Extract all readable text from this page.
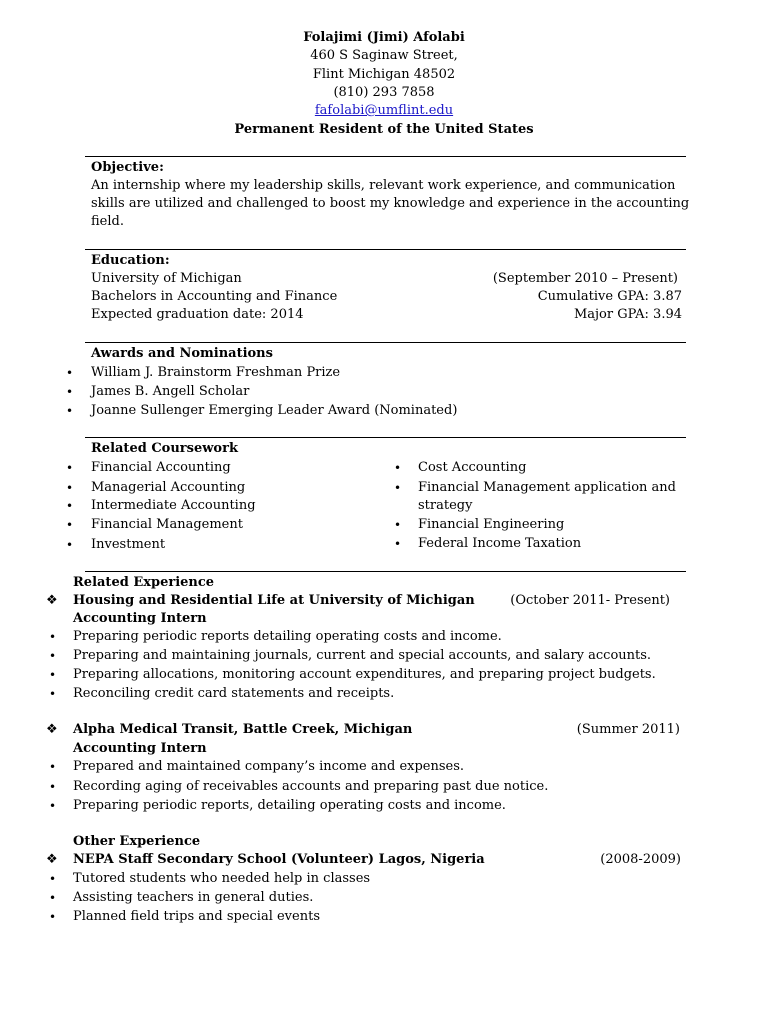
Folajimi (Jimi) Afolabi
460 S Saginaw Street,
Flint Michigan 48502
(810) 293 7858
fafolabi@umflint.edu
Permanent Resident of the United States
Objective:
An internship where my leadership skills, relevant work experience, and communication
skills are utilized and challenged to boost my knowledge and experience in the accounting
field.
Education:
University of Michigan	(September 2010 – Present)
Bachelors in Accounting and Finance	Cumulative GPA: 3.87
Expected graduation date: 2014	Major GPA: 3.94
Awards and Nominations
• William J. Brainstorm Freshman Prize
• James B. Angell Scholar
• Joanne Sullenger Emerging Leader Award (Nominated)
Related Coursework
• Financial Accounting
• Managerial Accounting
• Intermediate Accounting
• Financial Management
• Investment
• Cost Accounting
• Financial Management application and
strategy
• Financial Engineering
• Federal Income Taxation
Related Experience
❖ Housing and Residential Life at University of Michigan	(October 2011- Present)
Accounting Intern
• Preparing periodic reports detailing operating costs and income.
• Preparing and maintaining journals, current and special accounts, and salary accounts.
• Preparing allocations, monitoring account expenditures, and preparing project budgets.
• Reconciling credit card statements and receipts.
❖ Alpha Medical Transit, Battle Creek, Michigan	(Summer 2011)
Accounting Intern
• Prepared and maintained company’s income and expenses.
• Recording aging of receivables accounts and preparing past due notice.
• Preparing periodic reports, detailing operating costs and income.
Other Experience
❖ NEPA Staff Secondary School (Volunteer) Lagos, Nigeria	(2008-2009)
• Tutored students who needed help in classes
• Assisting teachers in general duties.
• Planned field trips and special events
